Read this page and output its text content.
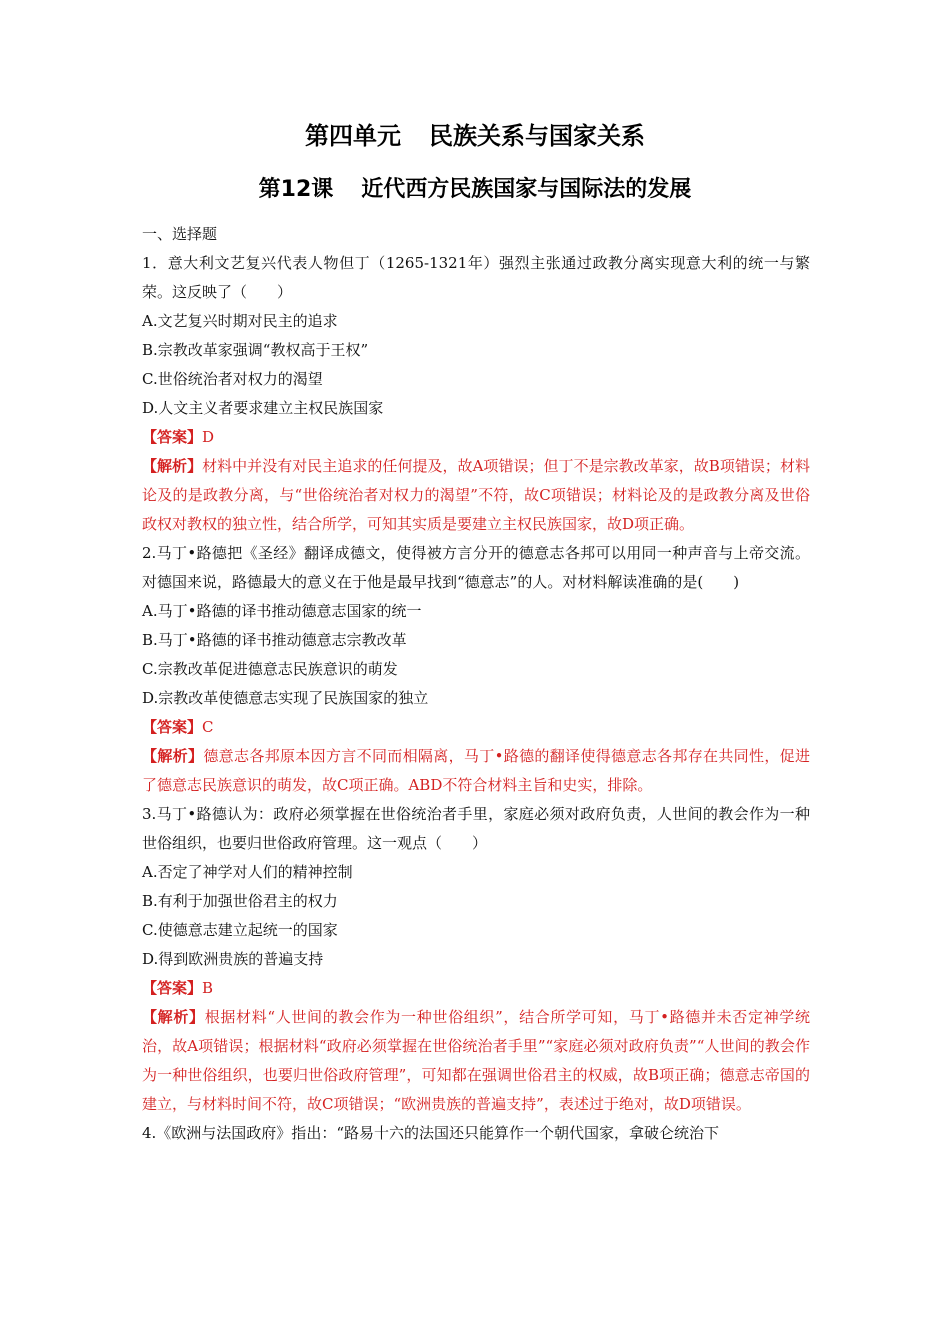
第四单元 民族关系与国家关系
第12课 近代西方民族国家与国际法的发展
一、选择题
1．意大利文艺复兴代表人物但丁（1265-1321年）强烈主张通过政教分离实现意大利的统一与繁荣。这反映了（　　）
A.文艺复兴时期对民主的追求
B.宗教改革家强调“教权高于王权”
C.世俗统治者对权力的渴望
D.人文主义者要求建立主权民族国家
【答案】D
【解析】材料中并没有对民主追求的任何提及，故A项错误；但丁不是宗教改革家，故B项错误；材料论及的是政教分离，与“世俗统治者对权力的渴望”不符，故C项错误；材料论及的是政教分离及世俗政权对教权的独立性，结合所学，可知其实质是要建立主权民族国家，故D项正确。
2.马丁•路德把《圣经》翻译成德文，使得被方言分开的德意志各邦可以用同一种声音与上帝交流。对德国来说，路德最大的意义在于他是最早找到“德意志”的人。对材料解读准确的是(　　)
A.马丁•路德的译书推动德意志国家的统一
B.马丁•路德的译书推动德意志宗教改革
C.宗教改革促进德意志民族意识的萌发
D.宗教改革使德意志实现了民族国家的独立
【答案】C
【解析】德意志各邦原本因方言不同而相隔离，马丁•路德的翻译使得德意志各邦存在共同性，促进了德意志民族意识的萌发，故C项正确。ABD不符合材料主旨和史实，排除。
3.马丁•路德认为：政府必须掌握在世俗统治者手里，家庭必须对政府负责，人世间的教会作为一种世俗组织，也要归世俗政府管理。这一观点（　　）
A.否定了神学对人们的精神控制
B.有利于加强世俗君主的权力
C.使德意志建立起统一的国家
D.得到欧洲贵族的普遍支持
【答案】B
【解析】根据材料“人世间的教会作为一种世俗组织”，结合所学可知，马丁•路德并未否定神学统治，故A项错误；根据材料“政府必须掌握在世俗统治者手里”“家庭必须对政府负责”“人世间的教会作为一种世俗组织，也要归世俗政府管理”，可知都在强调世俗君主的权威，故B项正确；德意志帝国的建立，与材料时间不符，故C项错误；“欧洲贵族的普遍支持”，表述过于绝对，故D项错误。
4.《欧洲与法国政府》指出：“路易十六的法国还只能算作一个朝代国家，拿破仑统治下
